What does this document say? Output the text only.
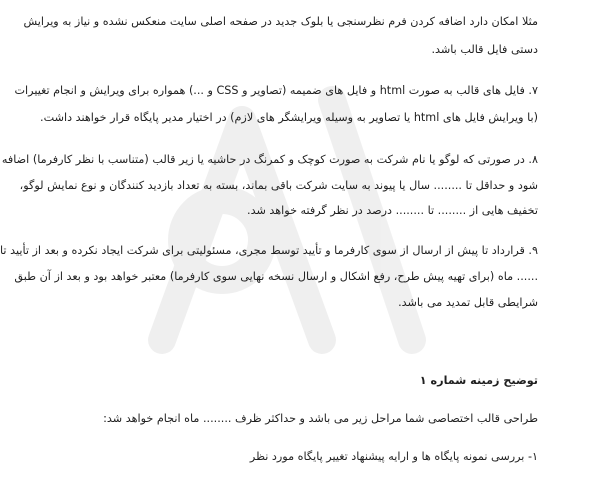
مثلا امکان دارد اضافه کردن فرم نظرسنجی یا بلوک جدید در صفحه اصلی سایت منعکس نشده و نیاز به ویرایش
دستی فایل قالب باشد.
۷. فایل های قالب به صورت html و فایل های ضمیمه (تصاویر و CSS و ...) همواره برای ویرایش و انجام تغییرات
(با ویرایش فایل های html یا تصاویر به وسیله ویرایشگر های لازم) در اختیار مدیر پایگاه قرار خواهند داشت.
۸. در صورتی که لوگو یا نام شرکت به صورت کوچک و کمرنگ در حاشیه یا زیر قالب (متناسب با نظر کارفرما) اضافه
شود و حداقل تا ........ سال یا پیوند به سایت شرکت باقی بماند، بسته به تعداد بازدید کنندگان و نوع نمایش لوگو،
تخفیف هایی از ........ تا ........ درصد در نظر گرفته خواهد شد.
۹. قرارداد تا پیش از ارسال از سوی کارفرما و تأیید توسط مجری، مسئولیتی برای شرکت ایجاد نکرده و بعد از تأیید تا
...... ماه (برای تهیه پیش طرح، رفع اشکال و ارسال نسخه نهایی سوی کارفرما) معتبر خواهد بود و بعد از آن طبق
شرایطی قابل تمدید می باشد.
توضیح زمینه شماره ۱
طراحی قالب اختصاصی شما مراحل زیر می باشد و حداکثر ظرف ........ ماه انجام خواهد شد:
۱- بررسی نمونه پایگاه ها و ارایه پیشنهاد تغییر پایگاه مورد نظر
